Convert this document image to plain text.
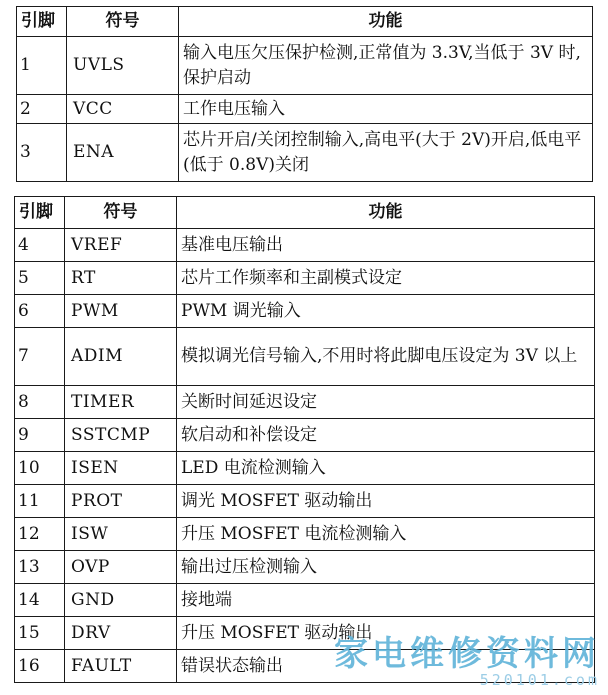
引脚	符号	功能
1	UVLS	输入电压欠压保护检测,正常值为 3.3V,当低于 3V 时,保护启动
2	VCC	工作电压输入
3	ENA	芯片开启/关闭控制输入,高电平(大于 2V)开启,低电平(低于 0.8V)关闭
引脚	符号	功能
4	VREF	基准电压输出
5	RT	芯片工作频率和主副模式设定
6	PWM	PWM 调光输入
7	ADIM	模拟调光信号输入,不用时将此脚电压设定为 3V 以上
8	TIMER	关断时间延迟设定
9	SSTCMP	软启动和补偿设定
10	ISEN	LED 电流检测输入
11	PROT	调光 MOSFET 驱动输出
12	ISW	升压 MOSFET 电流检测输入
13	OVP	输出过压检测输入
14	GND	接地端
15	DRV	升压 MOSFET 驱动输出
16	FAULT	错误状态输出 家电维修资料网
520101.com
